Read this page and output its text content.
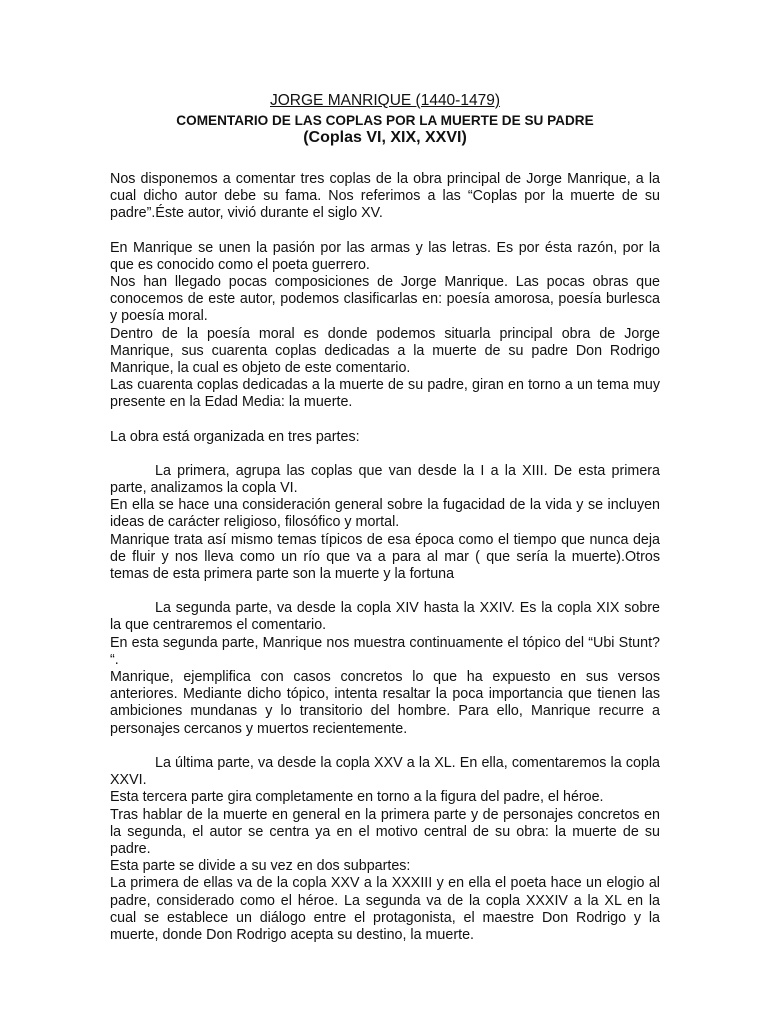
JORGE MANRIQUE (1440-1479)
COMENTARIO DE LAS COPLAS POR LA MUERTE DE SU PADRE
(Coplas VI, XIX, XXVI)

Nos disponemos a comentar tres coplas de la obra principal de Jorge Manrique, a la cual dicho autor debe su fama. Nos referimos a las “Coplas por la muerte de su padre”.Éste autor, vivió durante el siglo XV.

En Manrique se unen la pasión por las armas y las letras. Es por ésta razón, por la que es conocido como el poeta guerrero.

Nos han llegado pocas composiciones de Jorge Manrique. Las pocas obras que conocemos de este autor, podemos clasificarlas en: poesía amorosa, poesía burlesca y poesía moral.

Dentro de la poesía moral es donde podemos situarla principal obra de Jorge Manrique, sus cuarenta coplas dedicadas a la muerte de su padre Don Rodrigo Manrique, la cual es objeto de este comentario.

Las cuarenta coplas dedicadas a la muerte de su padre, giran en torno a un tema muy presente en la Edad Media: la muerte.

La obra está organizada en tres partes:

La primera, agrupa las coplas que van desde la I a la XIII. De esta primera parte, analizamos la copla VI.

En ella se hace una consideración general sobre la fugacidad de la vida y se incluyen ideas de carácter religioso, filosófico y mortal.

Manrique trata así mismo temas típicos de esa época como el tiempo que nunca deja de fluir y nos lleva como un río que va a para al mar ( que sería la muerte).Otros temas de esta primera parte son la muerte y la fortuna

La segunda parte, va desde la copla XIV hasta la XXIV. Es la copla XIX sobre la que centraremos el comentario.

En esta segunda parte, Manrique nos muestra continuamente el tópico del “Ubi Stunt? “.

Manrique, ejemplifica con casos concretos lo que ha expuesto en sus versos anteriores. Mediante dicho tópico, intenta resaltar la poca importancia que tienen las ambiciones mundanas y lo transitorio del hombre. Para ello, Manrique recurre a personajes cercanos y muertos recientemente.

La última parte, va desde la copla XXV a la XL. En ella, comentaremos la copla XXVI.

Esta tercera parte gira completamente en torno a la figura del padre, el héroe.

Tras hablar de la muerte en general en la primera parte y de personajes concretos en la segunda, el autor se centra ya en el motivo central de su obra: la muerte de su padre.

Esta parte se divide a su vez en dos subpartes:

La primera de ellas va de la copla XXV a la XXXIII y en ella el poeta hace un elogio al padre, considerado como el héroe. La segunda va de la copla XXXIV a la XL en la cual se establece un diálogo entre el protagonista, el maestre Don Rodrigo y la muerte, donde Don Rodrigo acepta su destino, la muerte.
